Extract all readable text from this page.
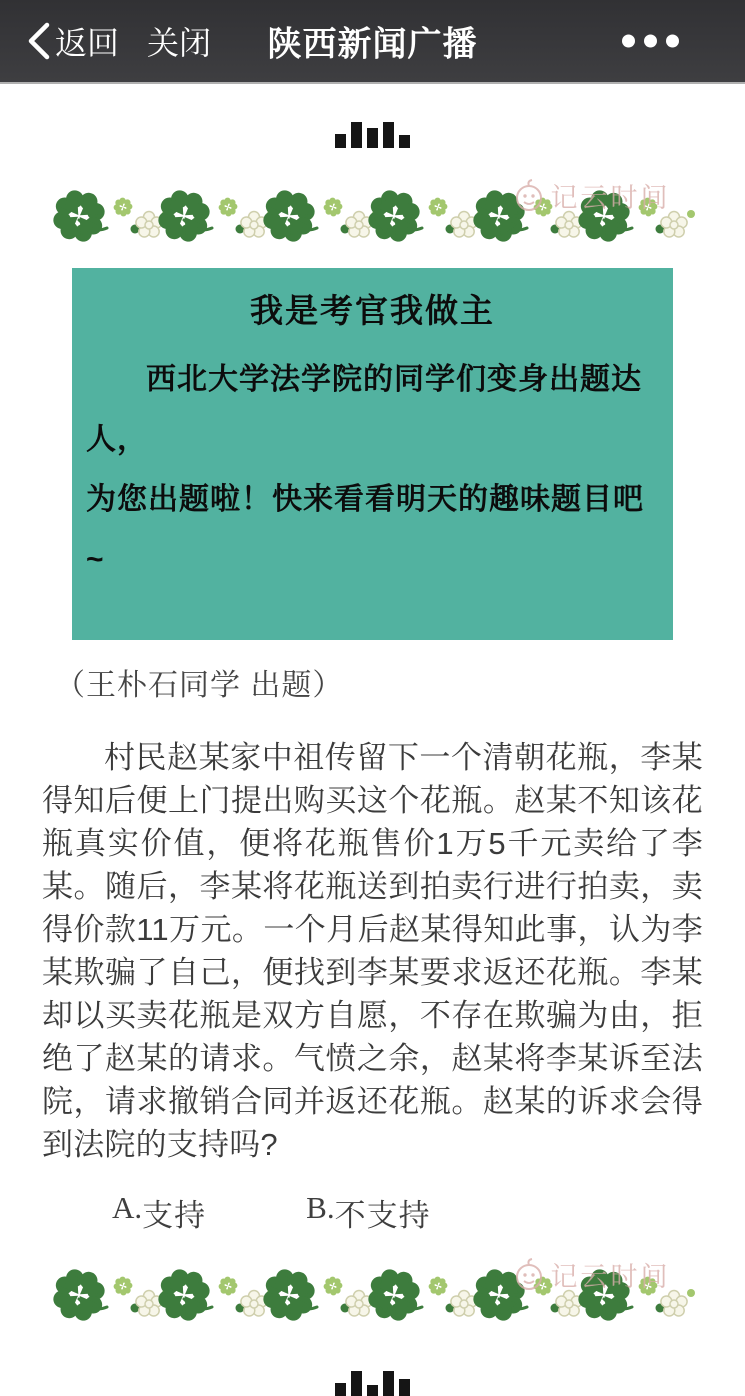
返回 关闭 陕西新闻广播
记云时间
我是考官我做主

西北大学法学院的同学们变身出题达人，

为您出题啦！快来看看明天的趣味题目吧~

（王朴石同学 出题）

村民赵某家中祖传留下一个清朝花瓶，李某得知后便上门提出购买这个花瓶。赵某不知该花瓶真实价值，便将花瓶售价1万5千元卖给了李某。随后，李某将花瓶送到拍卖行进行拍卖，卖得价款11万元。一个月后赵某得知此事，认为李某欺骗了自己，便找到李某要求返还花瓶。李某却以买卖花瓶是双方自愿，不存在欺骗为由，拒绝了赵某的请求。气愤之余，赵某将李某诉至法院，请求撤销合同并返还花瓶。赵某的诉求会得到法院的支持吗?

A. 支持	B. 不支持
记云时间
